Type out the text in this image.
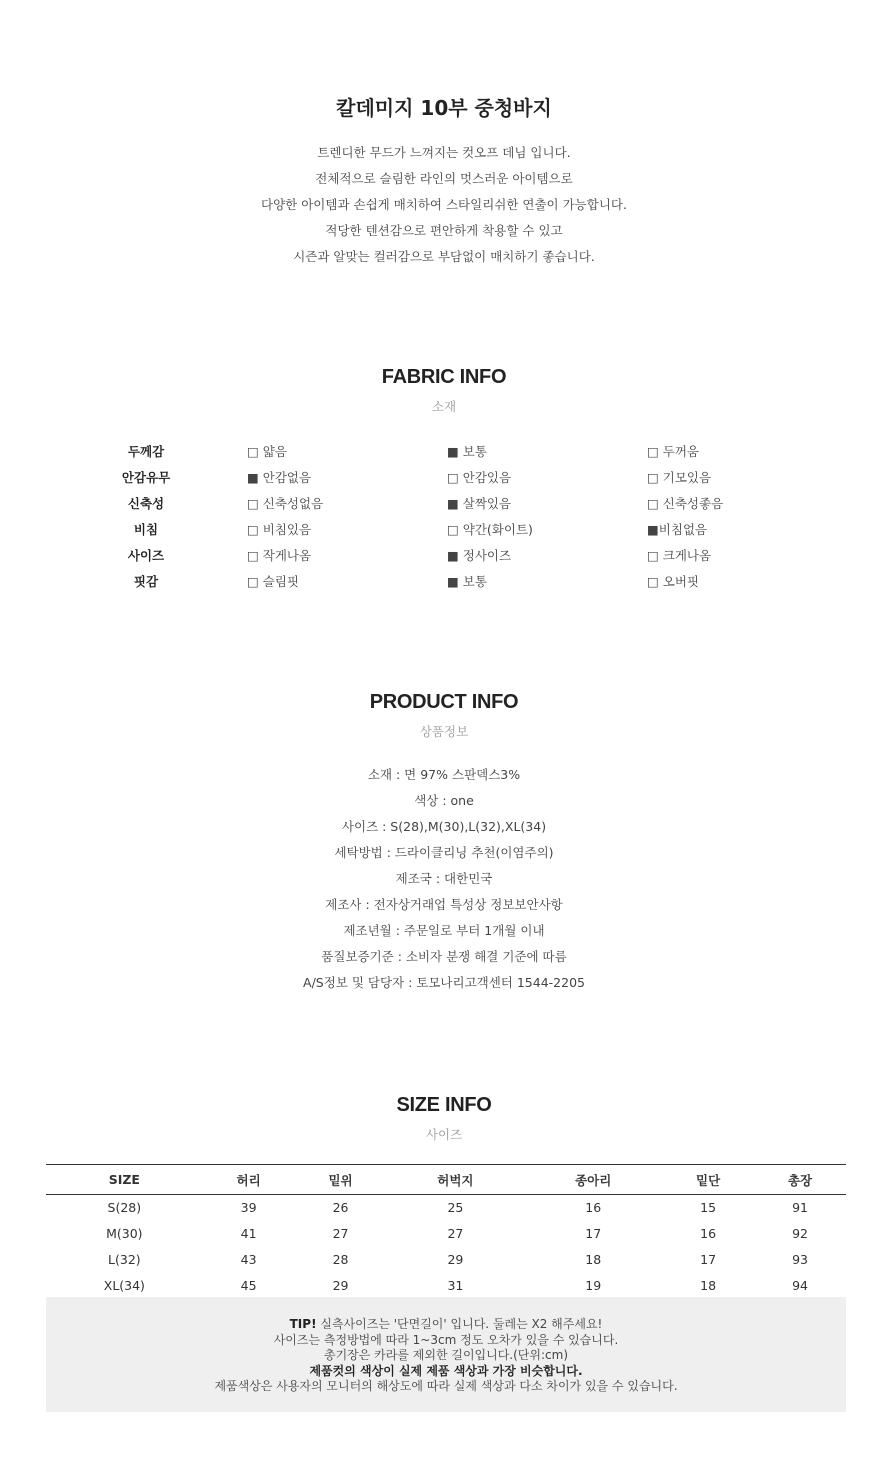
칼데미지 10부 중청바지
트렌디한 무드가 느껴지는 컷오프 데님 입니다.
전체적으로 슬림한 라인의 멋스러운 아이템으로
다양한 아이템과 손쉽게 매치하여 스타일리쉬한 연출이 가능합니다.
적당한 텐션감으로 편안하게 착용할 수 있고
시즌과 알맞는 컬러감으로 부담없이 매치하기 좋습니다.
FABRIC INFO
소재
두께감	□ 얇음	■ 보통	□ 두꺼움
안감유무	■ 안감없음	□ 안감있음	□ 기모있음
신축성	□ 신축성없음	■ 살짝있음	□ 신축성좋음
비침	□ 비침있음	□ 약간(화이트)	■비침없음
사이즈	□ 작게나옴	■ 정사이즈	□ 크게나옴
핏감	□ 슬림핏	■ 보통	□ 오버핏
PRODUCT INFO
상품정보
소재 : 면 97% 스판덱스3%
색상 : one
사이즈 : S(28),M(30),L(32),XL(34)
세탁방법 : 드라이클리닝 추천(이염주의)
제조국 : 대한민국
제조사 : 전자상거래업 특성상 정보보안사항
제조년월 : 주문일로 부터 1개월 이내
품질보증기준 : 소비자 분쟁 해결 기준에 따름
A/S정보 및 담당자 : 토모나리고객센터 1544-2205
SIZE INFO
사이즈
SIZE	허리	밑위	허벅지	종아리	밑단	총장
S(28)	39	26	25	16	15	91
M(30)	41	27	27	17	16	92
L(32)	43	28	29	18	17	93
XL(34)	45	29	31	19	18	94
TIP! 실측사이즈는 '단면길이' 입니다. 둘레는 X2 해주세요!
사이즈는 측정방법에 따라 1~3cm 정도 오차가 있을 수 있습니다.
총기장은 카라를 제외한 길이입니다.(단위:cm)
제품컷의 색상이 실제 제품 색상과 가장 비슷합니다.
제품색상은 사용자의 모니터의 해상도에 따라 실제 색상과 다소 차이가 있을 수 있습니다.
